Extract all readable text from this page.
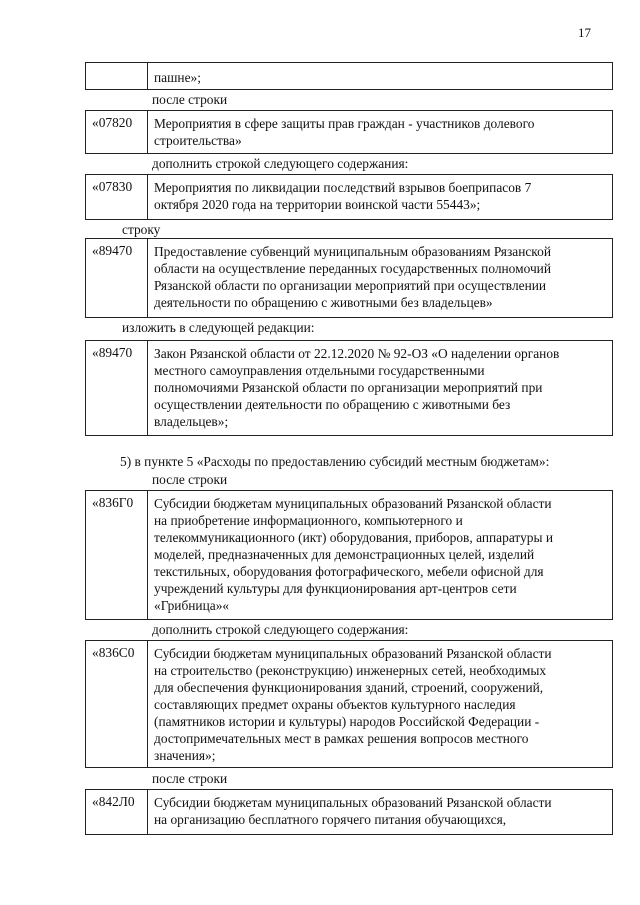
17
пашне»;
после строки
«07820	Мероприятия в сфере защиты прав граждан - участников долевого
строительства»
дополнить строкой следующего содержания:
«07830	Мероприятия по ликвидации последствий взрывов боеприпасов 7
октября 2020 года на территории воинской части 55443»;
строку
«89470	Предоставление субвенций муниципальным образованиям Рязанской
области на осуществление переданных государственных полномочий
Рязанской области по организации мероприятий при осуществлении
деятельности по обращению с животными без владельцев»
изложить в следующей редакции:
«89470	Закон Рязанской области от 22.12.2020 № 92-ОЗ «О наделении органов
местного самоуправления отдельными государственными
полномочиями Рязанской области по организации мероприятий при
осуществлении деятельности по обращению с животными без
владельцев»;
5) в пункте 5 «Расходы по предоставлению субсидий местным бюджетам»:
после строки
«836Г0	Субсидии бюджетам муниципальных образований Рязанской области
на приобретение информационного, компьютерного и
телекоммуникационного (икт) оборудования, приборов, аппаратуры и
моделей, предназначенных для демонстрационных целей, изделий
текстильных, оборудования фотографического, мебели офисной для
учреждений культуры для функционирования арт-центров сети
«Грибница»«
дополнить строкой следующего содержания:
«836С0	Субсидии бюджетам муниципальных образований Рязанской области
на строительство (реконструкцию) инженерных сетей, необходимых
для обеспечения функционирования зданий, строений, сооружений,
составляющих предмет охраны объектов культурного наследия
(памятников истории и культуры) народов Российской Федерации -
достопримечательных мест в рамках решения вопросов местного
значения»;
после строки
«842Л0	Субсидии бюджетам муниципальных образований Рязанской области
на организацию бесплатного горячего питания обучающихся,
